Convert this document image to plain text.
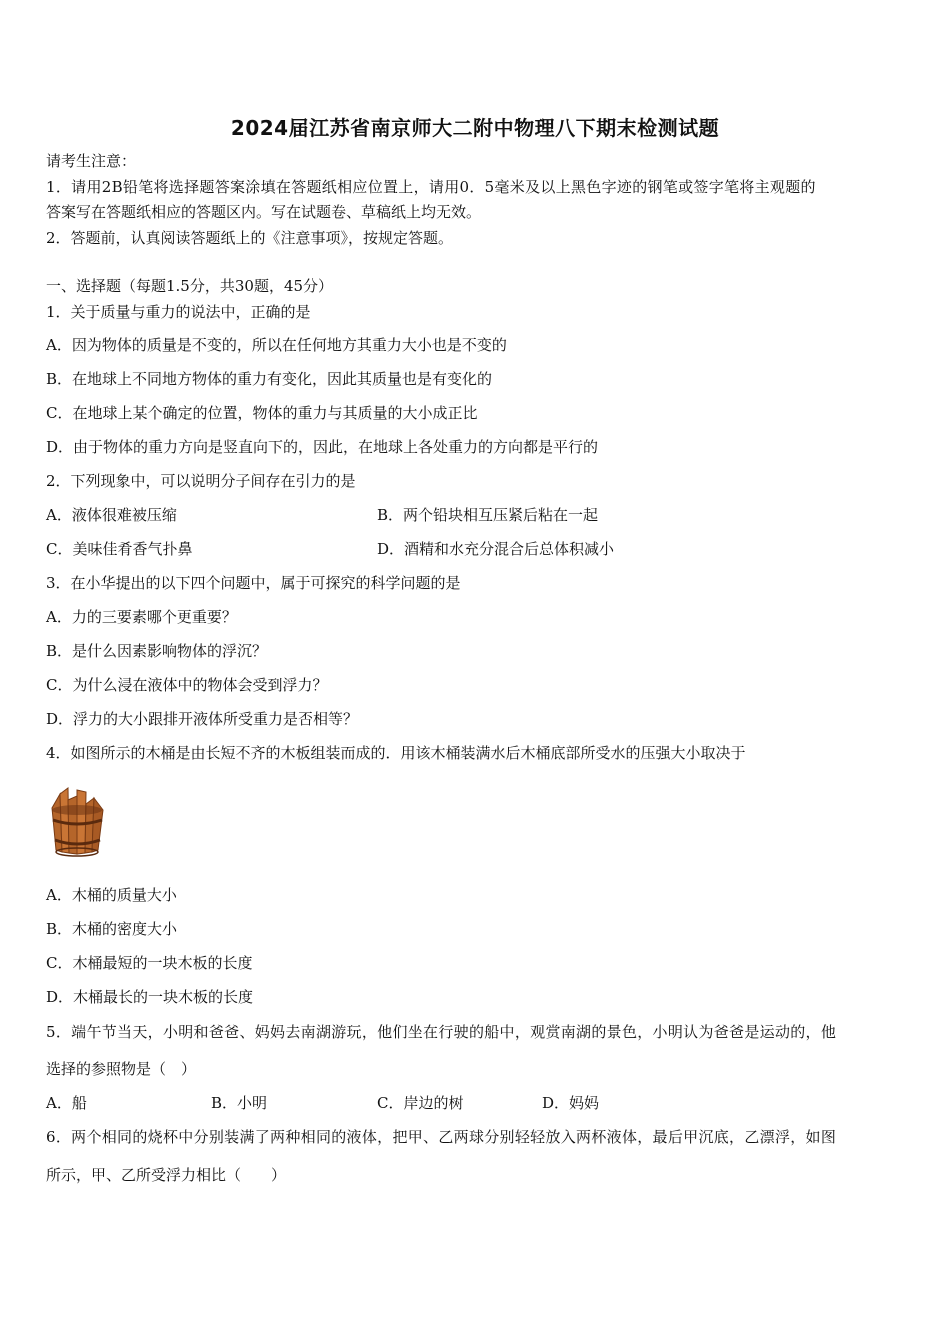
2024届江苏省南京师大二附中物理八下期末检测试题
请考生注意：
1．请用2B铅笔将选择题答案涂填在答题纸相应位置上，请用0．5毫米及以上黑色字迹的钢笔或签字笔将主观题的
答案写在答题纸相应的答题区内。写在试题卷、草稿纸上均无效。
2．答题前，认真阅读答题纸上的《注意事项》，按规定答题。
一、选择题（每题1.5分，共30题，45分）
1．关于质量与重力的说法中，正确的是
A．因为物体的质量是不变的，所以在任何地方其重力大小也是不变的
B．在地球上不同地方物体的重力有变化，因此其质量也是有变化的
C．在地球上某个确定的位置，物体的重力与其质量的大小成正比
D．由于物体的重力方向是竖直向下的，因此，在地球上各处重力的方向都是平行的
2．下列现象中，可以说明分子间存在引力的是
A．液体很难被压缩	B．两个铅块相互压紧后粘在一起
C．美味佳肴香气扑鼻	D．酒精和水充分混合后总体积减小
3．在小华提出的以下四个问题中，属于可探究的科学问题的是
A．力的三要素哪个更重要？
B．是什么因素影响物体的浮沉？
C．为什么浸在液体中的物体会受到浮力？
D．浮力的大小跟排开液体所受重力是否相等？
4．如图所示的木桶是由长短不齐的木板组装而成的．用该木桶装满水后木桶底部所受水的压强大小取决于
A．木桶的质量大小
B．木桶的密度大小
C．木桶最短的一块木板的长度
D．木桶最长的一块木板的长度
5．端午节当天，小明和爸爸、妈妈去南湖游玩，他们坐在行驶的船中，观赏南湖的景色，小明认为爸爸是运动的，他
选择的参照物是（　）
A．船	B．小明	C．岸边的树	D．妈妈
6．两个相同的烧杯中分别装满了两种相同的液体，把甲、乙两球分别轻轻放入两杯液体，最后甲沉底，乙漂浮，如图
所示，甲、乙所受浮力相比（　　）
